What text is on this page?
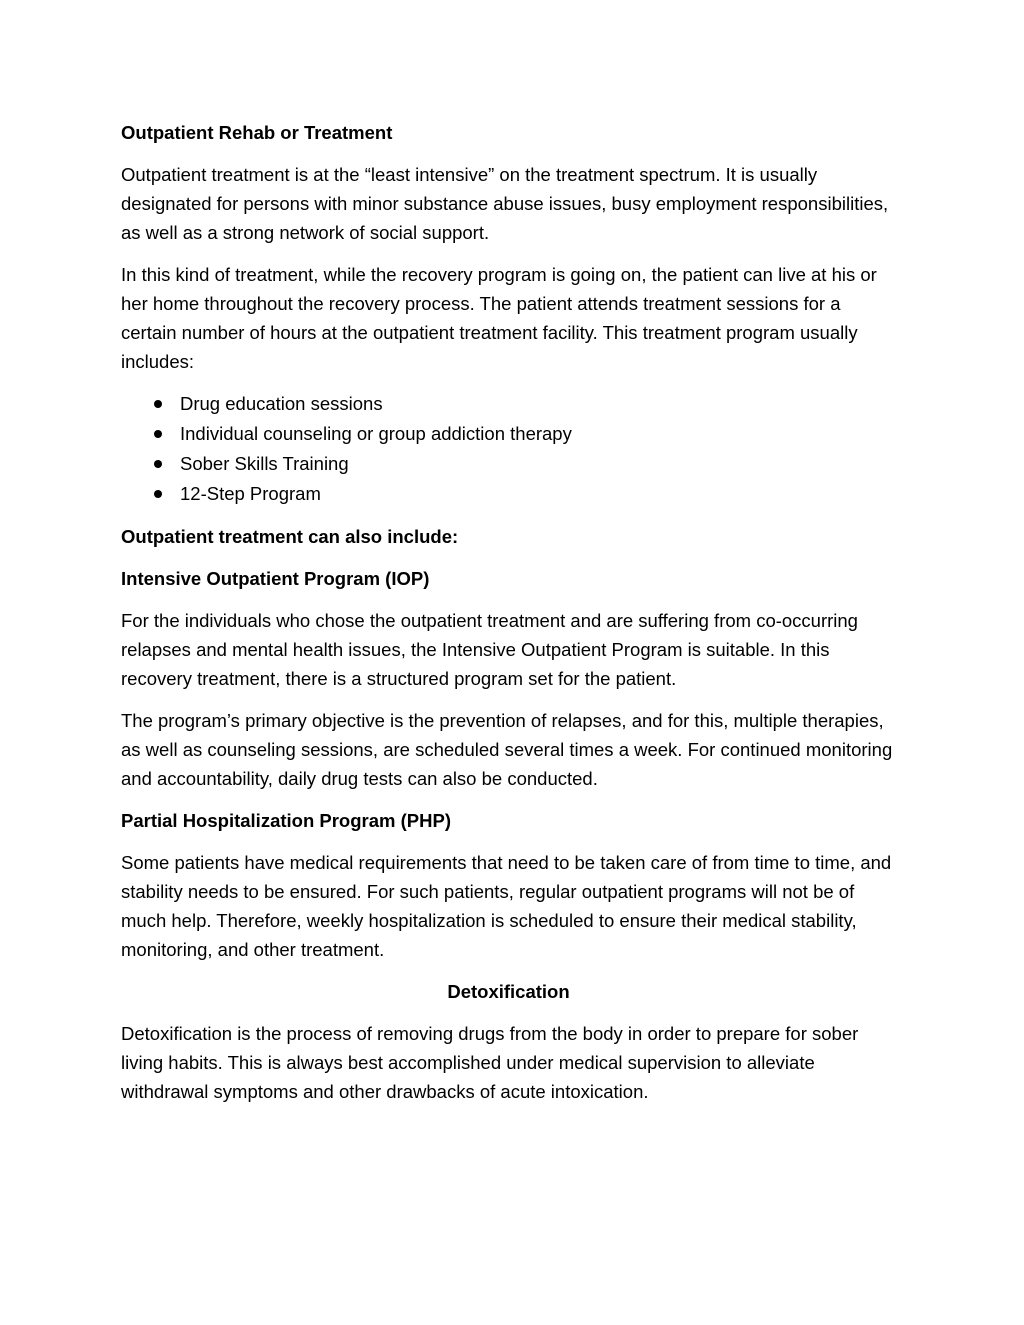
Outpatient Rehab or Treatment
Outpatient treatment is at the “least intensive” on the treatment spectrum. It is usually designated for persons with minor substance abuse issues, busy employment responsibilities, as well as a strong network of social support.
In this kind of treatment, while the recovery program is going on, the patient can live at his or her home throughout the recovery process. The patient attends treatment sessions for a certain number of hours at the outpatient treatment facility. This treatment program usually includes:
Drug education sessions
Individual counseling or group addiction therapy
Sober Skills Training
12-Step Program
Outpatient treatment can also include:
Intensive Outpatient Program (IOP)
For the individuals who chose the outpatient treatment and are suffering from co-occurring relapses and mental health issues, the Intensive Outpatient Program is suitable. In this recovery treatment, there is a structured program set for the patient.
The program’s primary objective is the prevention of relapses, and for this, multiple therapies, as well as counseling sessions, are scheduled several times a week. For continued monitoring and accountability, daily drug tests can also be conducted.
Partial Hospitalization Program (PHP)
Some patients have medical requirements that need to be taken care of from time to time, and stability needs to be ensured. For such patients, regular outpatient programs will not be of much help. Therefore, weekly hospitalization is scheduled to ensure their medical stability, monitoring, and other treatment.
Detoxification
Detoxification is the process of removing drugs from the body in order to prepare for sober living habits. This is always best accomplished under medical supervision to alleviate withdrawal symptoms and other drawbacks of acute intoxication.
